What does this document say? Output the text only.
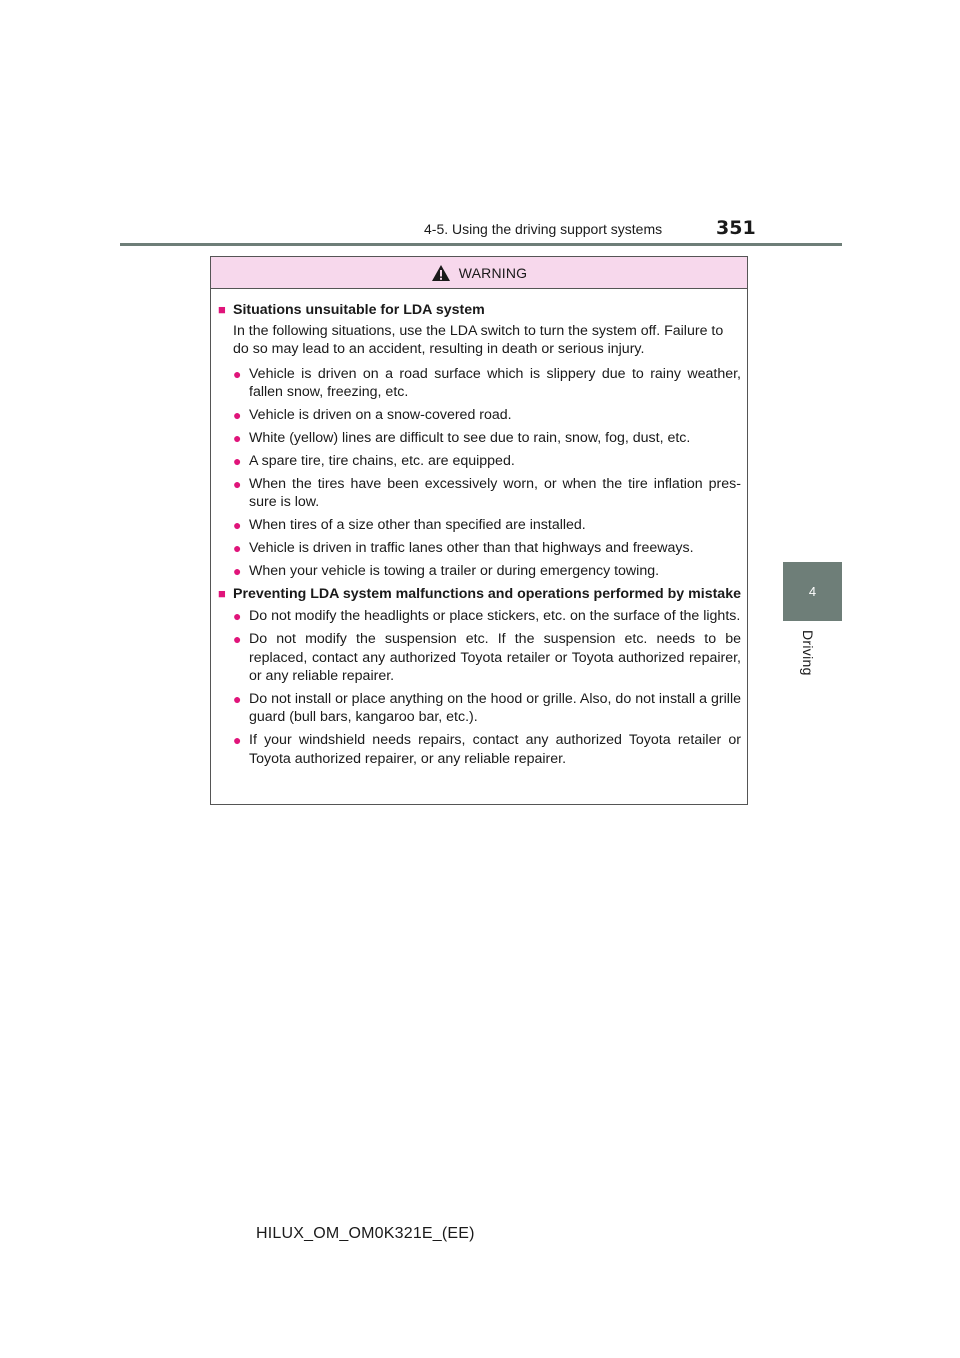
4-5. Using the driving support systems	351
4
Driving
WARNING
■ Situations unsuitable for LDA system
In the following situations, use the LDA switch to turn the system off. Failure to do so may lead to an accident, resulting in death or serious injury.
● Vehicle is driven on a road surface which is slippery due to rainy weather, fallen snow, freezing, etc.
● Vehicle is driven on a snow-covered road.
● White (yellow) lines are difficult to see due to rain, snow, fog, dust, etc.
● A spare tire, tire chains, etc. are equipped.
● When the tires have been excessively worn, or when the tire inflation pres-sure is low.
● When tires of a size other than specified are installed.
● Vehicle is driven in traffic lanes other than that highways and freeways.
● When your vehicle is towing a trailer or during emergency towing.
■ Preventing LDA system malfunctions and operations performed by mistake
● Do not modify the headlights or place stickers, etc. on the surface of the lights.
● Do not modify the suspension etc. If the suspension etc. needs to be replaced, contact any authorized Toyota retailer or Toyota authorized repairer, or any reliable repairer.
● Do not install or place anything on the hood or grille. Also, do not install a grille guard (bull bars, kangaroo bar, etc.).
● If your windshield needs repairs, contact any authorized Toyota retailer or Toyota authorized repairer, or any reliable repairer.
HILUX_OM_OM0K321E_(EE)
